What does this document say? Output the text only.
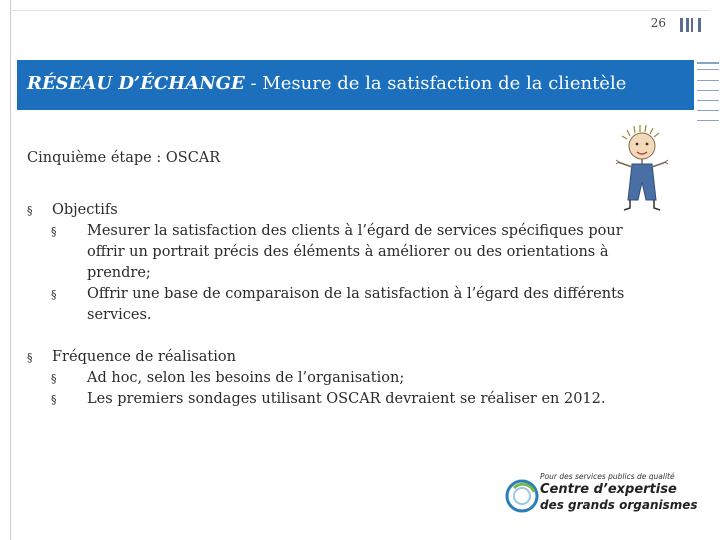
26
RÉSEAU D’ÉCHANGE - Mesure de la satisfaction de la clientèle
Cinquième étape : OSCAR
§ Objectifs
§ Mesurer la satisfaction des clients à l’égard de services spécifiques pour offrir un portrait précis des éléments à améliorer ou des orientations à prendre;
§ Offrir une base de comparaison de la satisfaction à l’égard des différents services.
§ Fréquence de réalisation
§ Ad hoc, selon les besoins de l’organisation;
§ Les premiers sondages utilisant OSCAR devraient se réaliser en 2012.
Pour des services publics de qualité
Centre d’expertise
des grands organismes
